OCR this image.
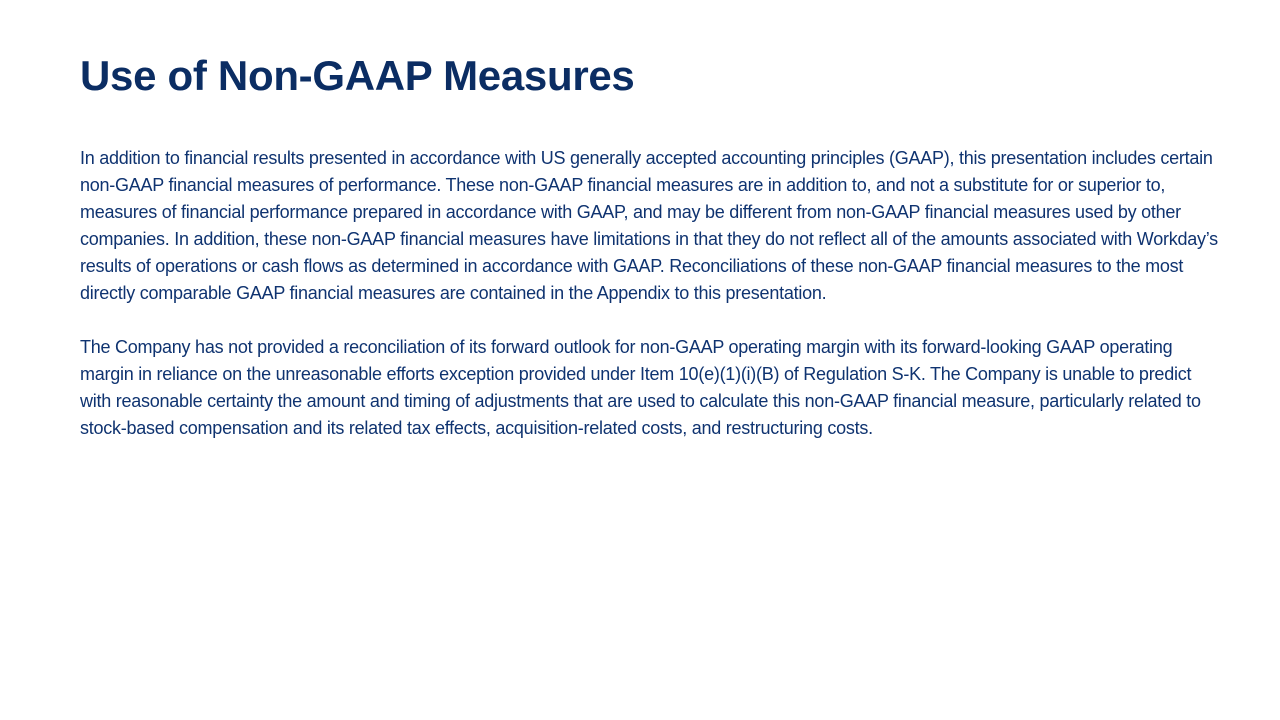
Use of Non-GAAP Measures

In addition to financial results presented in accordance with US generally accepted accounting principles (GAAP), this presentation includes certain non-GAAP financial measures of performance. These non-GAAP financial measures are in addition to, and not a substitute for or superior to, measures of financial performance prepared in accordance with GAAP, and may be different from non-GAAP financial measures used by other companies. In addition, these non-GAAP financial measures have limitations in that they do not reflect all of the amounts associated with Workday’s results of operations or cash flows as determined in accordance with GAAP. Reconciliations of these non-GAAP financial measures to the most directly comparable GAAP financial measures are contained in the Appendix to this presentation.

The Company has not provided a reconciliation of its forward outlook for non-GAAP operating margin with its forward-looking GAAP operating margin in reliance on the unreasonable efforts exception provided under Item 10(e)(1)(i)(B) of Regulation S-K. The Company is unable to predict with reasonable certainty the amount and timing of adjustments that are used to calculate this non-GAAP financial measure, particularly related to stock-based compensation and its related tax effects, acquisition-related costs, and restructuring costs.
